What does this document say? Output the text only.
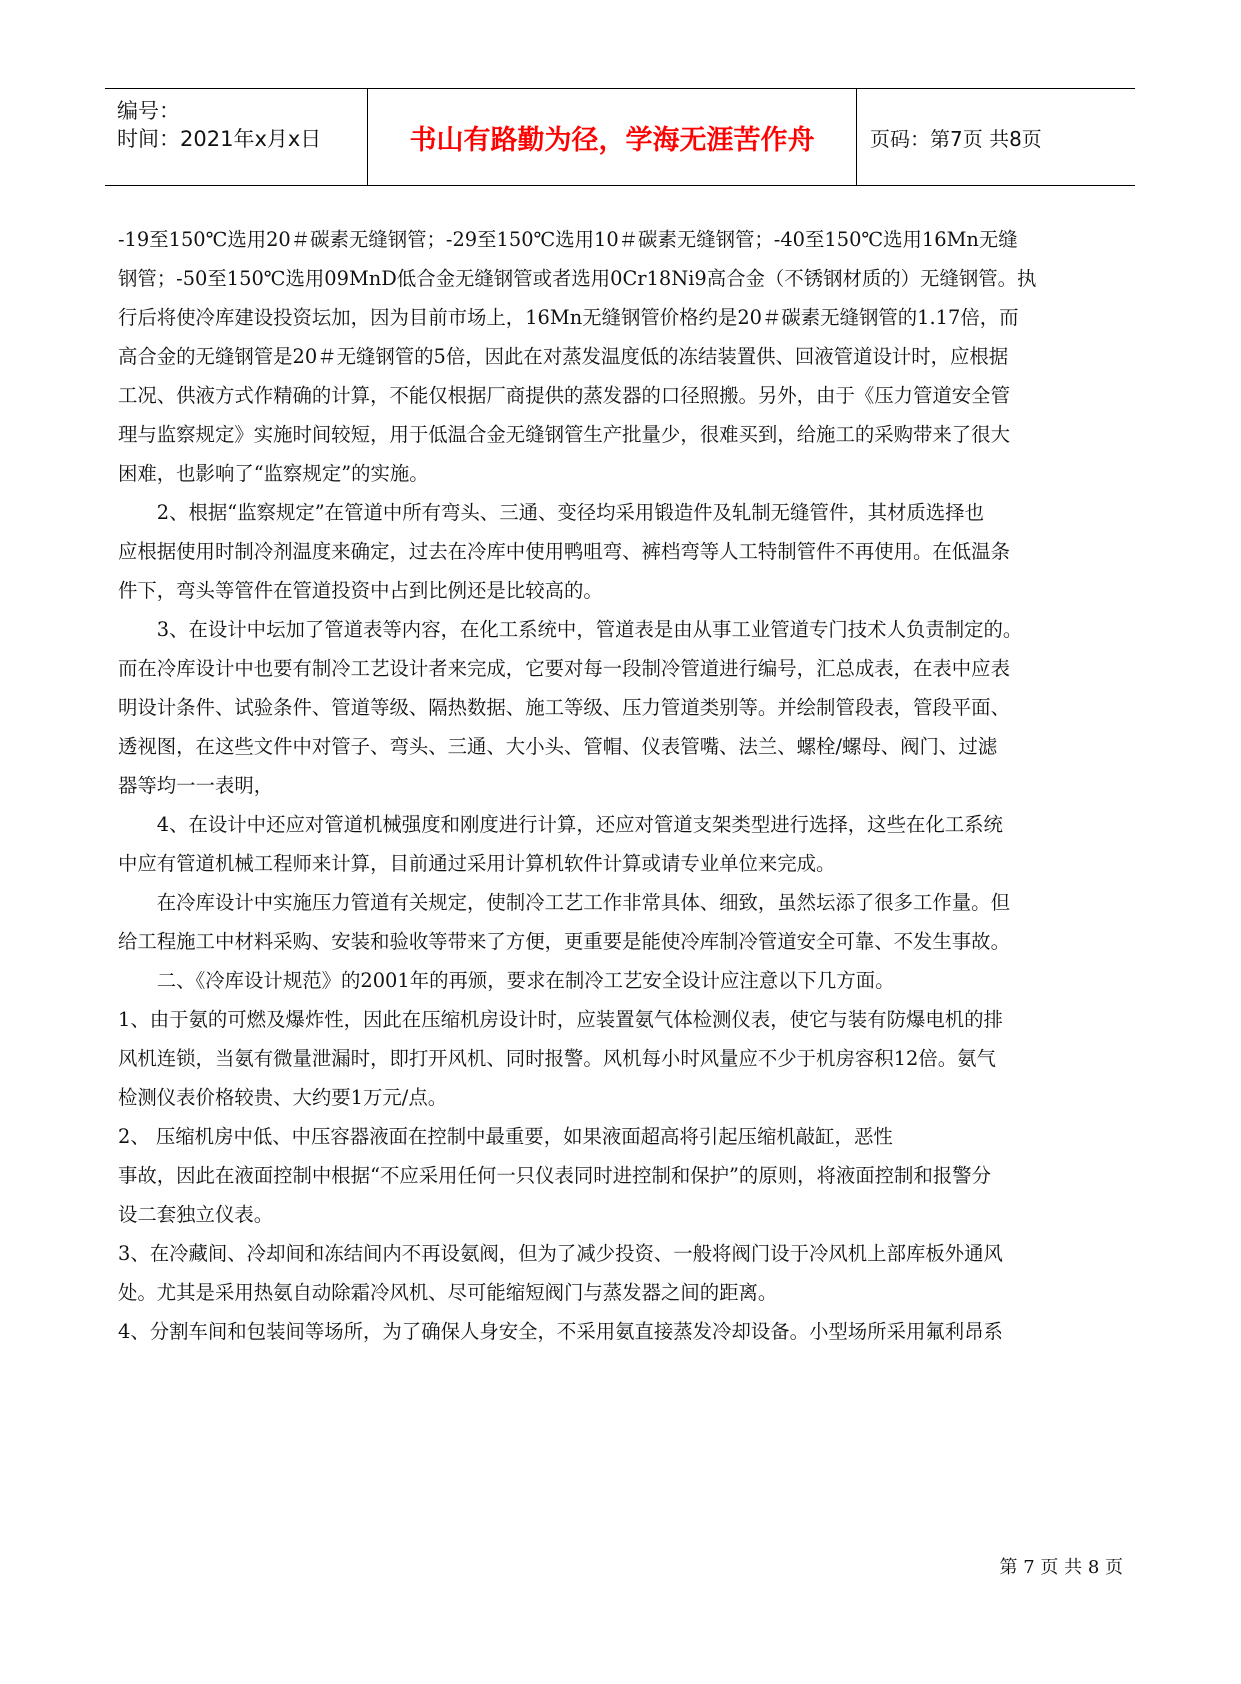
编号：
时间：2021年x月x日	书山有路勤为径，学海无涯苦作舟	页码：第7页 共8页
-19至150℃选用20＃碳素无缝钢管；-29至150℃选用10＃碳素无缝钢管；-40至150℃选用16Mn无缝
钢管；-50至150℃选用09MnD低合金无缝钢管或者选用0Cr18Ni9高合金（不锈钢材质的）无缝钢管。执
行后将使冷库建设投资坛加，因为目前市场上，16Mn无缝钢管价格约是20＃碳素无缝钢管的1.17倍，而
高合金的无缝钢管是20＃无缝钢管的5倍，因此在对蒸发温度低的冻结装置供、回液管道设计时，应根据
工况、供液方式作精确的计算，不能仅根据厂商提供的蒸发器的口径照搬。另外，由于《压力管道安全管
理与监察规定》实施时间较短，用于低温合金无缝钢管生产批量少，很难买到，给施工的采购带来了很大
困难，也影响了“监察规定”的实施。
　　2、根据“监察规定”在管道中所有弯头、三通、变径均采用锻造件及轧制无缝管件，其材质选择也
应根据使用时制冷剂温度来确定，过去在冷库中使用鸭咀弯、裤档弯等人工特制管件不再使用。在低温条
件下，弯头等管件在管道投资中占到比例还是比较高的。
　　3、在设计中坛加了管道表等内容，在化工系统中，管道表是由从事工业管道专门技术人负责制定的。
而在冷库设计中也要有制冷工艺设计者来完成，它要对每一段制冷管道进行编号，汇总成表，在表中应表
明设计条件、试验条件、管道等级、隔热数据、施工等级、压力管道类别等。并绘制管段表，管段平面、
透视图，在这些文件中对管子、弯头、三通、大小头、管帽、仪表管嘴、法兰、螺栓/螺母、阀门、过滤
器等均一一表明，
　　4、在设计中还应对管道机械强度和刚度进行计算，还应对管道支架类型进行选择，这些在化工系统
中应有管道机械工程师来计算，目前通过采用计算机软件计算或请专业单位来完成。
　　在冷库设计中实施压力管道有关规定，使制冷工艺工作非常具体、细致，虽然坛添了很多工作量。但
给工程施工中材料采购、安装和验收等带来了方便，更重要是能使冷库制冷管道安全可靠、不发生事故。
　　二、《冷库设计规范》的2001年的再颁，要求在制冷工艺安全设计应注意以下几方面。
1、由于氨的可燃及爆炸性，因此在压缩机房设计时，应装置氨气体检测仪表，使它与装有防爆电机的排
风机连锁，当氨有微量泄漏时，即打开风机、同时报警。风机每小时风量应不少于机房容积12倍。氨气
检测仪表价格较贵、大约要1万元/点。
2、 压缩机房中低、中压容器液面在控制中最重要，如果液面超高将引起压缩机敲缸，恶性
事故，因此在液面控制中根据“不应采用任何一只仪表同时进控制和保护”的原则，将液面控制和报警分
设二套独立仪表。
3、在冷藏间、冷却间和冻结间内不再设氨阀，但为了减少投资、一般将阀门设于冷风机上部库板外通风
处。尤其是采用热氨自动除霜冷风机、尽可能缩短阀门与蒸发器之间的距离。
4、分割车间和包装间等场所，为了确保人身安全，不采用氨直接蒸发冷却设备。小型场所采用氟利昂系
第 7 页 共 8 页
